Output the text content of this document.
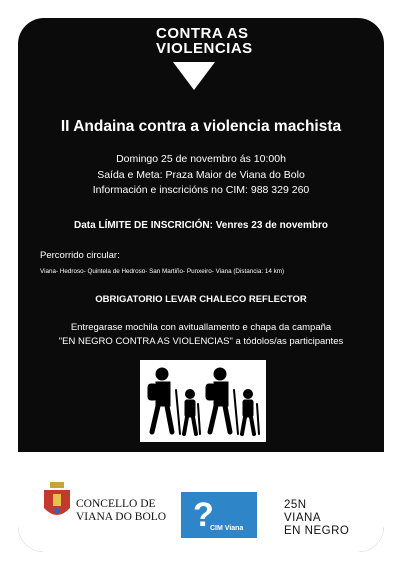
CONTRA AS
VIOLENCIAS
II Andaina contra a violencia machista
Domingo 25 de novembro ás 10:00h
Saída e Meta: Praza Maior de Viana do Bolo
Información e inscricións no CIM: 988 329 260
Data LÍMITE DE INSCRICIÓN: Venres 23 de novembro
Percorrido circular:
Viana- Hedroso- Quintela de Hedroso- San Martiño- Punxeiro- Viana (Distancia: 14 km)
OBRIGATORIO LEVAR CHALECO REFLECTOR
Entregarase mochila con avituallamento e chapa da campaña
"EN NEGRO CONTRA AS VIOLENCIAS" a tódolos/as participantes
CONCELLO DE
VIANA DO BOLO ?
CIM Viana
25N
VIANA
EN NEGRO
